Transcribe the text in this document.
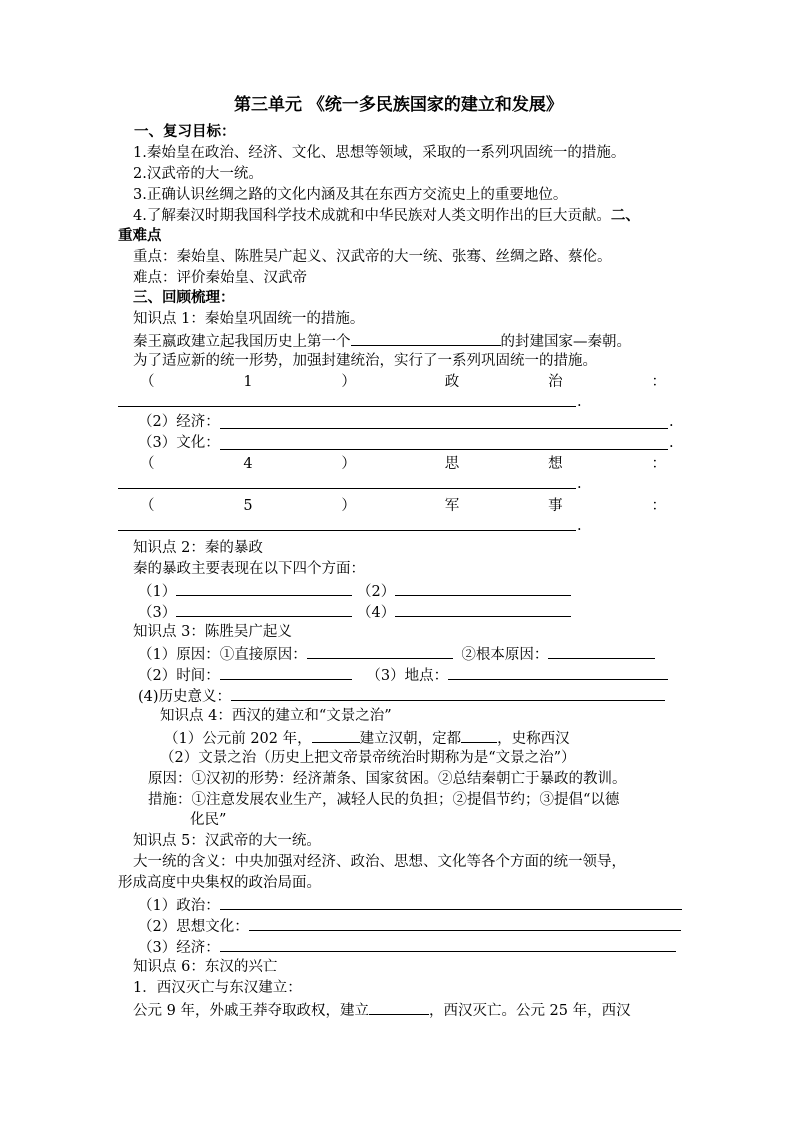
第三单元 《统一多民族国家的建立和发展》
一、复习目标：
1.秦始皇在政治、经济、文化、思想等领域，采取的一系列巩固统一的措施。
2.汉武帝的大一统。
3.正确认识丝绸之路的文化内涵及其在东西方交流史上的重要地位。
4.了解秦汉时期我国科学技术成就和中华民族对人类文明作出的巨大贡献。二、
重难点
重点：秦始皇、陈胜吴广起义、汉武帝的大一统、张骞、丝绸之路、蔡伦。
难点：评价秦始皇、汉武帝
三、回顾梳理：
知识点 1：秦始皇巩固统一的措施。
秦王嬴政建立起我国历史上第一个	的封建国家—秦朝。
为了适应新的统一形势，加强封建统治，实行了一系列巩固统一的措施。
（	1	）	政	治	：
.
（2）经济：	.
（3）文化：	.
（	4	）	思	想	：
.
（	5	）	军	事	：
.
知识点 2：秦的暴政
秦的暴政主要表现在以下四个方面：
（1）	（2）
（3）	（4）
知识点 3：陈胜吴广起义
（1）原因：①直接原因：	②根本原因：
（2）时间：	（3）地点：
(4)历史意义：
知识点 4：西汉的建立和“文景之治”
（1）公元前 202 年，	建立汉朝，定都 ，史称西汉
（2）文景之治（历史上把文帝景帝统治时期称为是“文景之治”）
原因：①汉初的形势：经济萧条、国家贫困。②总结秦朝亡于暴政的教训。
措施：①注意发展农业生产，减轻人民的负担；②提倡节约；③提倡“以德
化民”
知识点 5：汉武帝的大一统。
大一统的含义：中央加强对经济、政治、思想、文化等各个方面的统一领导，
形成高度中央集权的政治局面。
（1）政治：
（2）思想文化：
（3）经济：
知识点 6：东汉的兴亡
1．西汉灭亡与东汉建立：
公元 9 年，外戚王莽夺取政权，建立	，西汉灭亡。公元 25 年，西汉
